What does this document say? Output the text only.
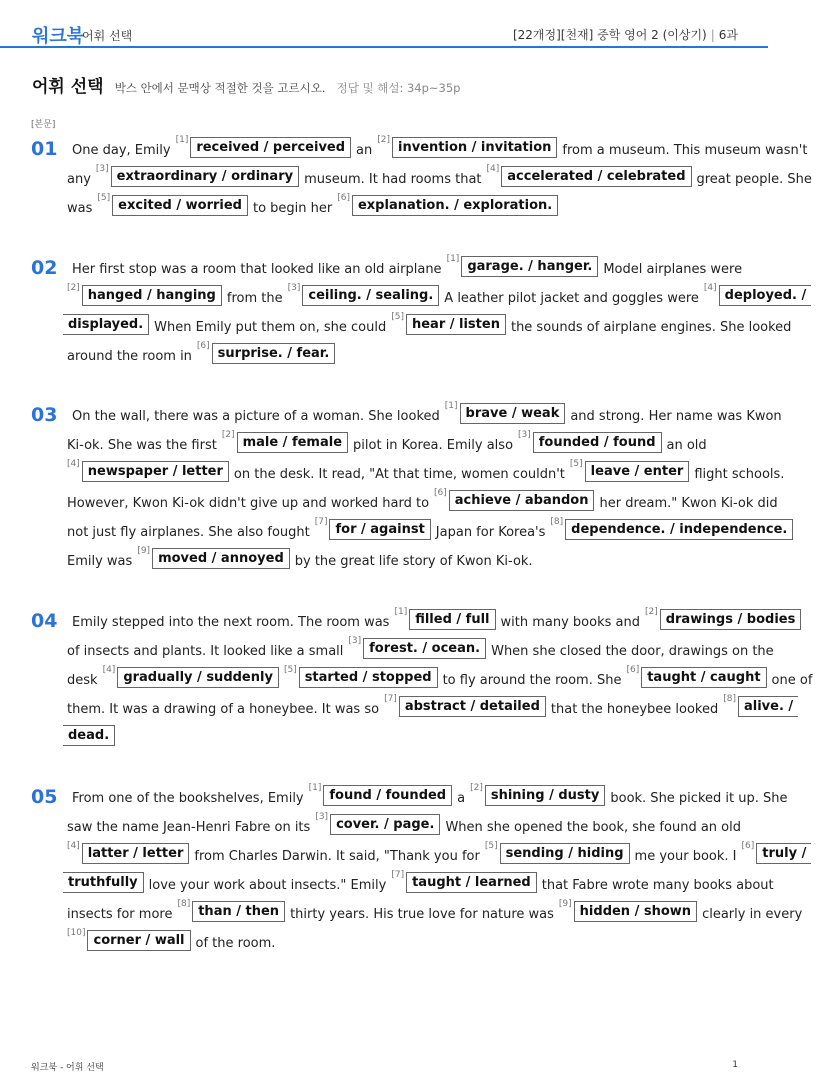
워크북
어휘 선택	[22개정][천재] 중학 영어 2 (이상기) | 6과
어휘 선택 박스 안에서 문맥상 적절한 것을 고르시오. 정답 및 해설: 34p~35p
[본문]
01 One day, Emily
[1] received / perceived an
[2] invention / invitation from a museum. This museum wasn't
any
[3] extraordinary / ordinary museum. It had rooms that
[4] accelerated / celebrated great people. She
was
[5] excited / worried to begin her
[6] explanation. / exploration.
02 Her first stop was a room that looked like an old airplane
[1] garage. / hanger. Model airplanes were
[2] hanged / hanging from the
[3] ceiling. / sealing. A leather pilot jacket and goggles were
[4] deployed. /
displayed. When Emily put them on, she could
[5] hear / listen the sounds of airplane engines. She looked
around the room in
[6] surprise. / fear.
03 On the wall, there was a picture of a woman. She looked
[1] brave / weak and strong. Her name was Kwon
Ki-ok. She was the first
[2] male / female pilot in Korea. Emily also
[3] founded / found an old
[4] newspaper / letter on the desk. It read, "At that time, women couldn't
[5] leave / enter flight schools.
However, Kwon Ki-ok didn't give up and worked hard to
[6] achieve / abandon her dream." Kwon Ki-ok did
not just fly airplanes. She also fought
[7] for / against Japan for Korea's
[8] dependence. / independence.
Emily was
[9] moved / annoyed by the great life story of Kwon Ki-ok.
04 Emily stepped into the next room. The room was
[1] filled / full with many books and
[2] drawings / bodies
of insects and plants. It looked like a small
[3] forest. / ocean. When she closed the door, drawings on the
desk
[4] gradually / suddenly	[5] started / stopped to fly around the room. She
[6] taught / caught one of
them. It was a drawing of a honeybee. It was so
[7] abstract / detailed that the honeybee looked
[8] alive. /
dead.
05 From one of the bookshelves, Emily
[1] found / founded a
[2] shining / dusty book. She picked it up. She
saw the name Jean-Henri Fabre on its
[3] cover. / page. When she opened the book, she found an old
[4] latter / letter from Charles Darwin. It said, "Thank you for
[5] sending / hiding me your book. I
[6] truly /
truthfully love your work about insects." Emily
[7] taught / learned that Fabre wrote many books about
insects for more
[8] than / then thirty years. His true love for nature was
[9] hidden / shown clearly in every
[10] corner / wall of the room.
워크북 - 어휘 선택	1
